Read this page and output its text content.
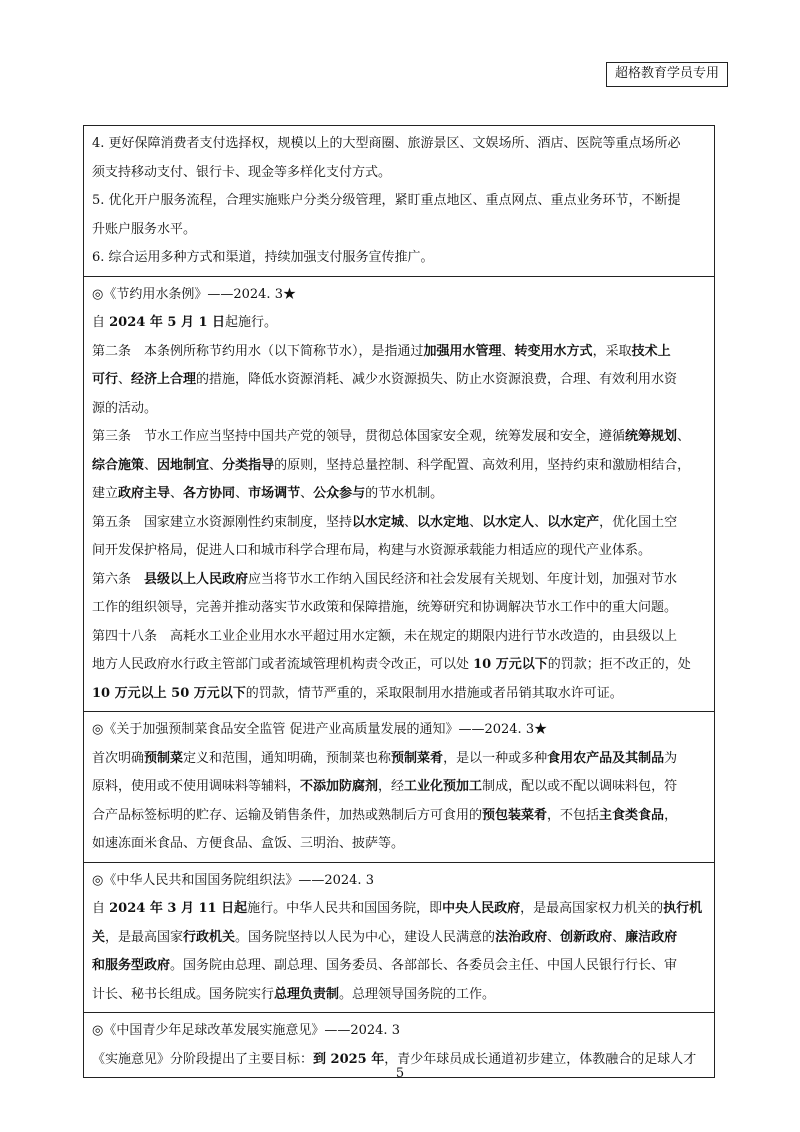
超格教育学员专用
4. 更好保障消费者支付选择权，规模以上的大型商圈、旅游景区、文娱场所、酒店、医院等重点场所必
须支持移动支付、银行卡、现金等多样化支付方式。
5. 优化开户服务流程，合理实施账户分类分级管理，紧盯重点地区、重点网点、重点业务环节，不断提
升账户服务水平。
6. 综合运用多种方式和渠道，持续加强支付服务宣传推广。
◎《节约用水条例》——2024. 3★
自 2024 年 5 月 1 日起施行。
第二条　本条例所称节约用水（以下简称节水），是指通过加强用水管理、转变用水方式，采取技术上
可行、经济上合理的措施，降低水资源消耗、减少水资源损失、防止水资源浪费，合理、有效利用水资
源的活动。
第三条　节水工作应当坚持中国共产党的领导，贯彻总体国家安全观，统筹发展和安全，遵循统筹规划、
综合施策、因地制宜、分类指导的原则，坚持总量控制、科学配置、高效利用，坚持约束和激励相结合，
建立政府主导、各方协同、市场调节、公众参与的节水机制。
第五条　国家建立水资源刚性约束制度，坚持以水定城、以水定地、以水定人、以水定产，优化国土空
间开发保护格局，促进人口和城市科学合理布局，构建与水资源承载能力相适应的现代产业体系。
第六条　县级以上人民政府应当将节水工作纳入国民经济和社会发展有关规划、年度计划，加强对节水
工作的组织领导，完善并推动落实节水政策和保障措施，统筹研究和协调解决节水工作中的重大问题。
第四十八条　高耗水工业企业用水水平超过用水定额，未在规定的期限内进行节水改造的，由县级以上
地方人民政府水行政主管部门或者流域管理机构责令改正，可以处 10 万元以下的罚款；拒不改正的，处
10 万元以上 50 万元以下的罚款，情节严重的，采取限制用水措施或者吊销其取水许可证。
◎《关于加强预制菜食品安全监管 促进产业高质量发展的通知》——2024. 3★
首次明确预制菜定义和范围，通知明确，预制菜也称预制菜肴，是以一种或多种食用农产品及其制品为
原料，使用或不使用调味料等辅料，不添加防腐剂，经工业化预加工制成，配以或不配以调味料包，符
合产品标签标明的贮存、运输及销售条件，加热或熟制后方可食用的预包装菜肴，不包括主食类食品，
如速冻面米食品、方便食品、盒饭、三明治、披萨等。
◎《中华人民共和国国务院组织法》——2024. 3
自 2024 年 3 月 11 日起施行。中华人民共和国国务院，即中央人民政府，是最高国家权力机关的执行机
关，是最高国家行政机关。国务院坚持以人民为中心，建设人民满意的法治政府、创新政府、廉洁政府
和服务型政府。国务院由总理、副总理、国务委员、各部部长、各委员会主任、中国人民银行行长、审
计长、秘书长组成。国务院实行总理负责制。总理领导国务院的工作。
◎《中国青少年足球改革发展实施意见》——2024. 3
《实施意见》分阶段提出了主要目标：到 2025 年，青少年球员成长通道初步建立，体教融合的足球人才
5
